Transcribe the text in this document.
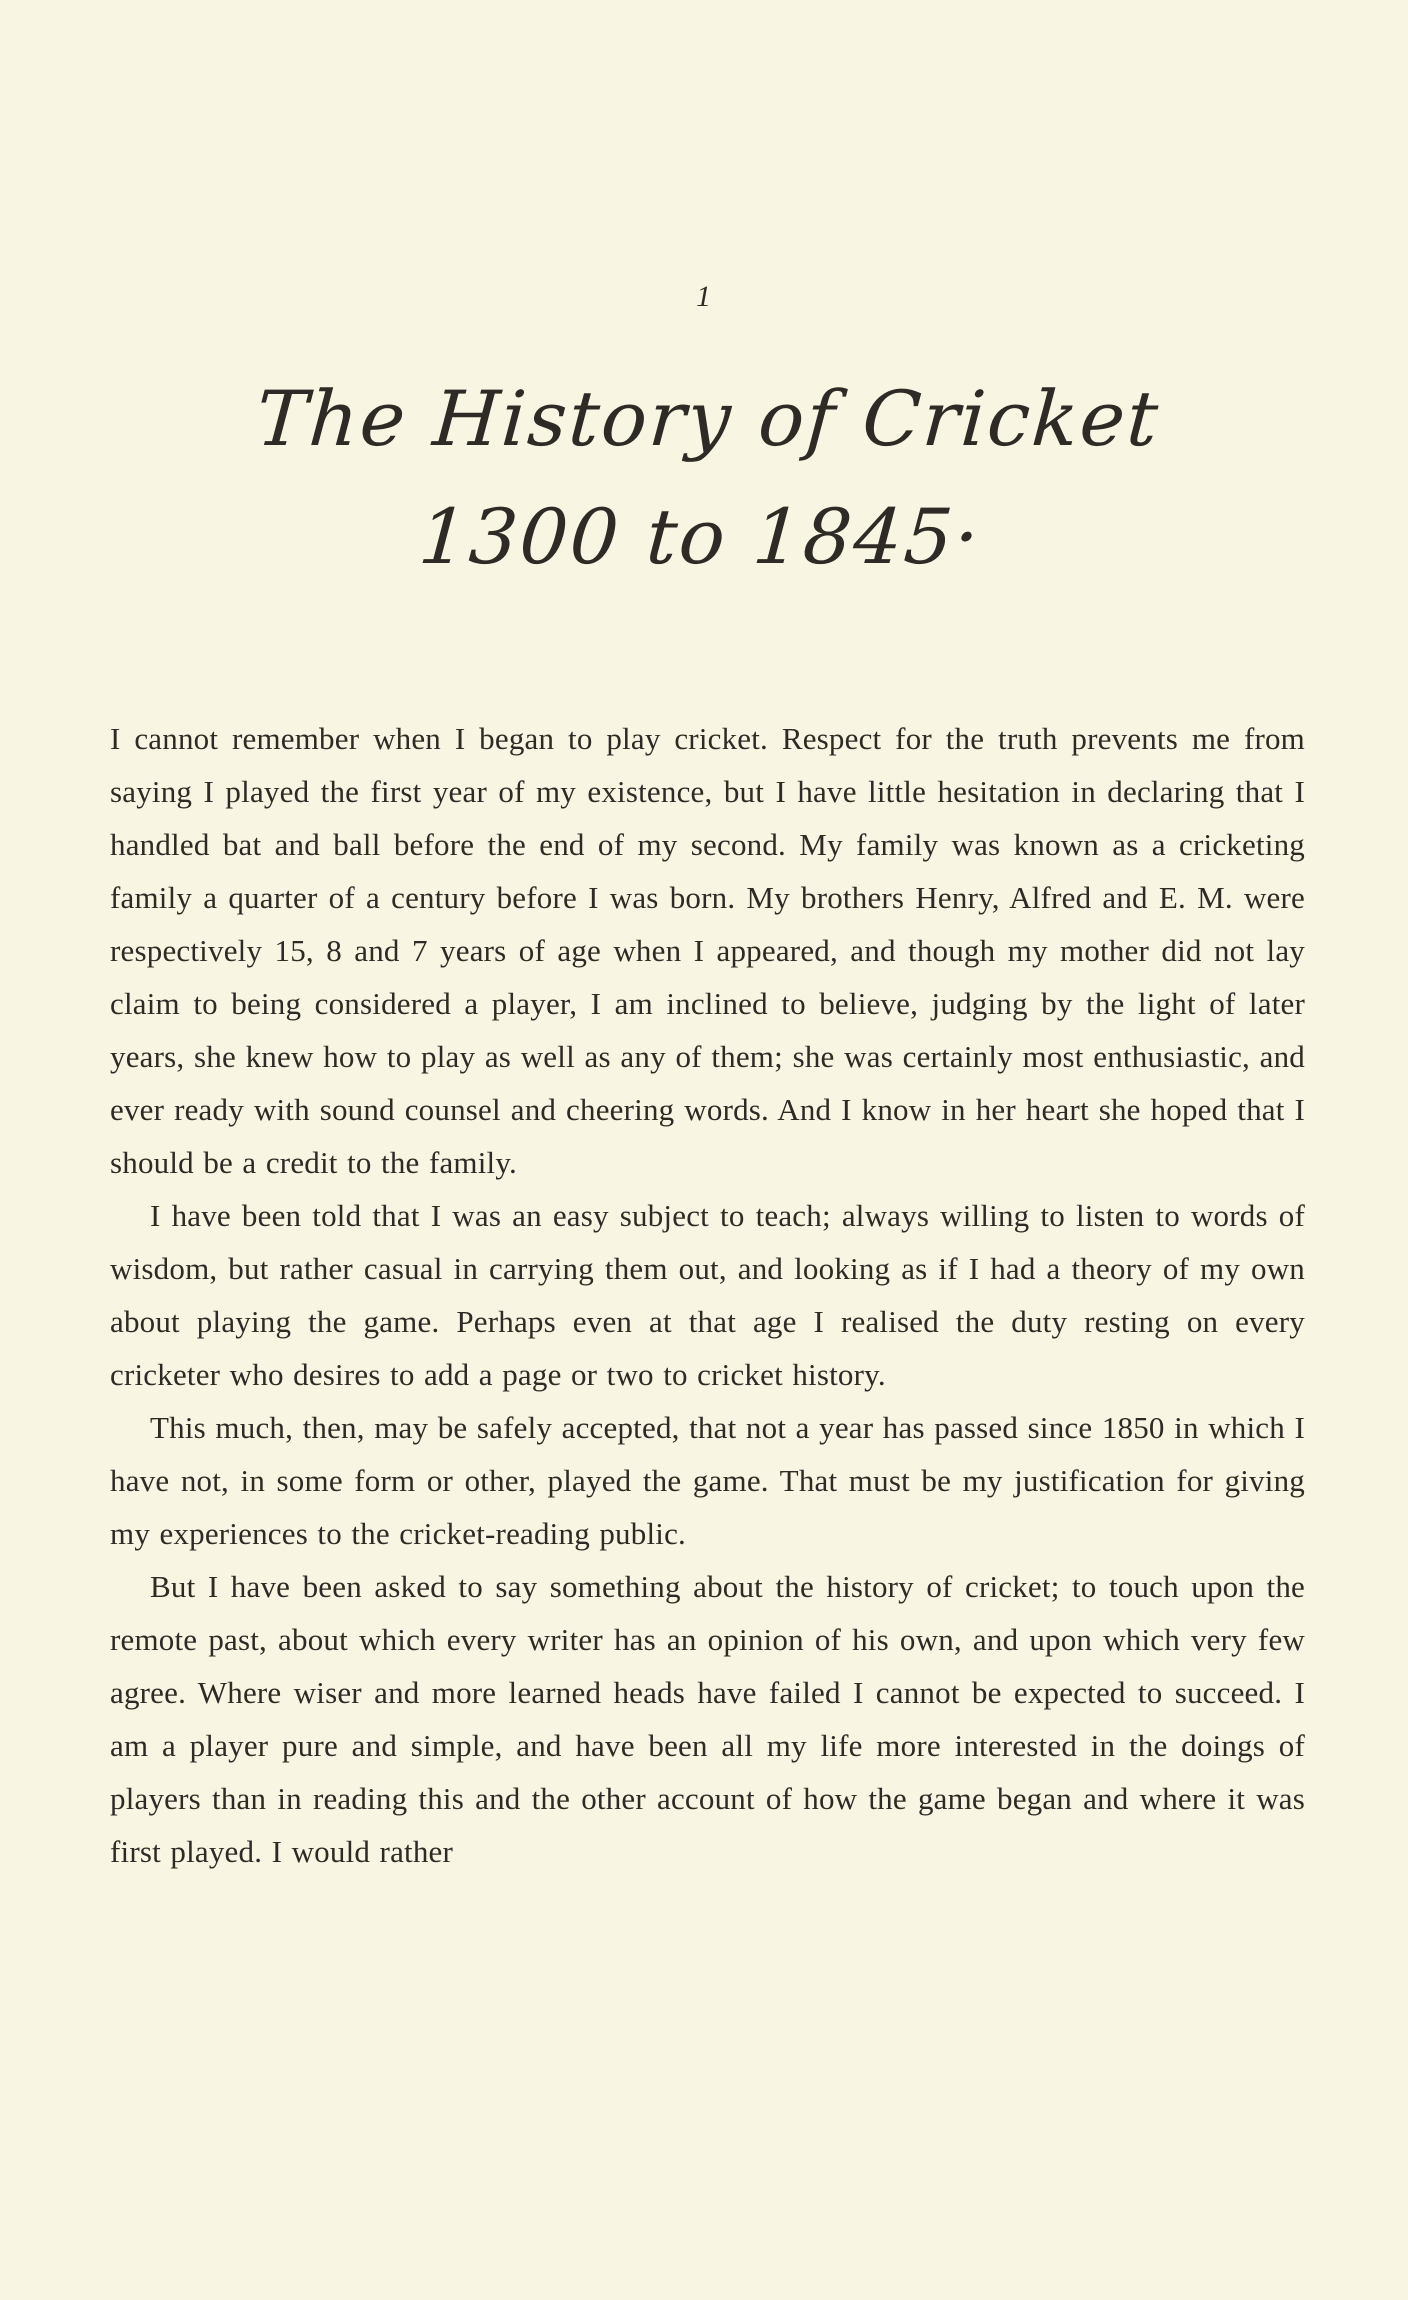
1
The History of Cricket
1300 to 1845·

I cannot remember when I began to play cricket. Respect for the truth prevents me from saying I played the first year of my existence, but I have little hesitation in declaring that I handled bat and ball before the end of my second. My family was known as a cricketing family a quarter of a century before I was born. My brothers Henry, Alfred and E. M. were respectively 15, 8 and 7 years of age when I appeared, and though my mother did not lay claim to being considered a player, I am inclined to believe, judging by the light of later years, she knew how to play as well as any of them; she was certainly most enthusiastic, and ever ready with sound counsel and cheering words. And I know in her heart she hoped that I should be a credit to the family.

I have been told that I was an easy subject to teach; always willing to listen to words of wisdom, but rather casual in carrying them out, and looking as if I had a theory of my own about playing the game. Perhaps even at that age I realised the duty resting on every cricketer who desires to add a page or two to cricket history.

This much, then, may be safely accepted, that not a year has passed since 1850 in which I have not, in some form or other, played the game. That must be my justification for giving my experiences to the cricket-reading public.

But I have been asked to say something about the history of cricket; to touch upon the remote past, about which every writer has an opinion of his own, and upon which very few agree. Where wiser and more learned heads have failed I cannot be expected to succeed. I am a player pure and simple, and have been all my life more interested in the doings of players than in reading this and the other account of how the game began and where it was first played. I would rather
